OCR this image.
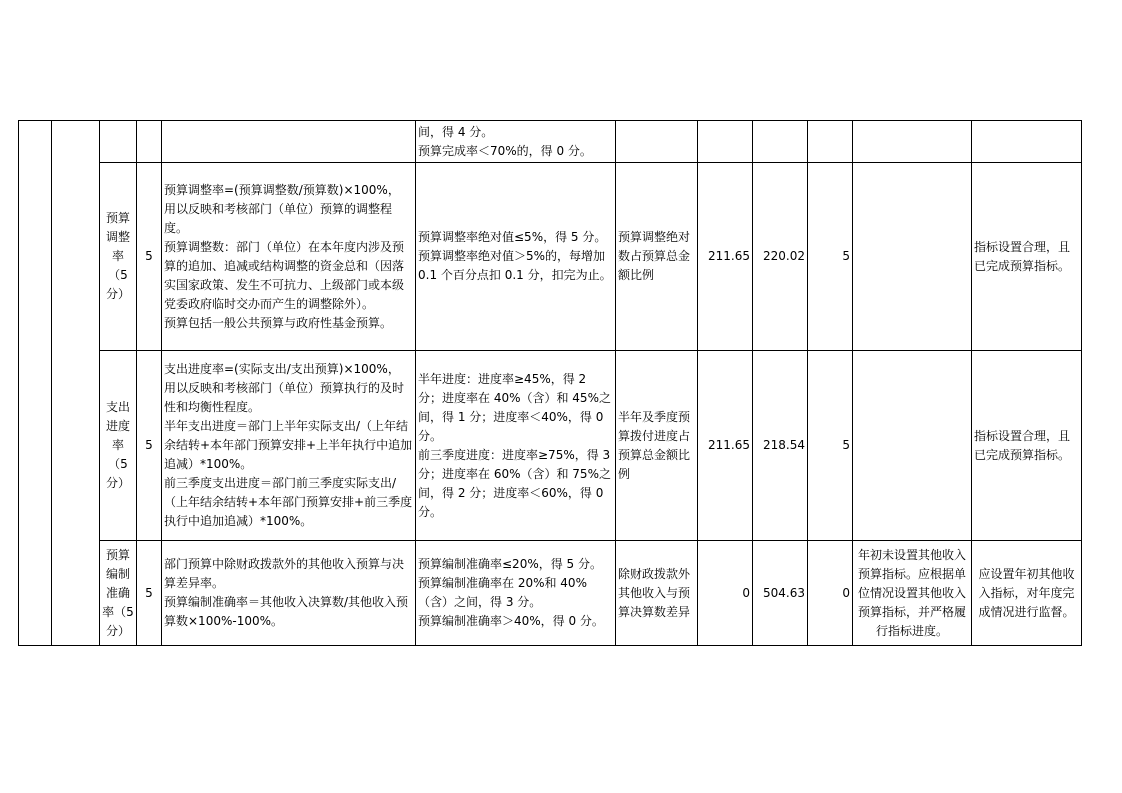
					间，得 4 分。
预算完成率＜70%的，得 0 分。						
		预算
调整
率
（5
分）	5	预算调整率=(预算调整数/预算数)×100%，
用以反映和考核部门（单位）预算的调整程度。
预算调整数：部门（单位）在本年度内涉及预算的追加、追减或结构调整的资金总和（因落实国家政策、发生不可抗力、上级部门或本级党委政府临时交办而产生的调整除外）。
预算包括一般公共预算与政府性基金预算。	预算调整率绝对值≤5%，得 5 分。
预算调整率绝对值＞5%的，每增加 0.1 个百分点扣 0.1 分，扣完为止。	预算调整绝对数占预算总金额比例	211.65	220.02	5		指标设置合理，且已完成预算指标。
		支出
进度
率
（5
分）	5	支出进度率=(实际支出/支出预算)×100%，
用以反映和考核部门（单位）预算执行的及时性和均衡性程度。
半年支出进度＝部门上半年实际支出/（上年结余结转+本年部门预算安排+上半年执行中追加追减）*100%。
前三季度支出进度＝部门前三季度实际支出/（上年结余结转+本年部门预算安排+前三季度执行中追加追减）*100%。	半年进度：进度率≥45%，得 2 分；进度率在 40%（含）和 45%之间，得 1 分；进度率＜40%，得 0 分。
前三季度进度：进度率≥75%，得 3 分；进度率在 60%（含）和 75%之间，得 2 分；进度率＜60%，得 0 分。	半年及季度预算拨付进度占预算总金额比例	211.65	218.54	5		指标设置合理，且已完成预算指标。
		预算
编制
准确
率（5
分）	5	部门预算中除财政拨款外的其他收入预算与决算差异率。
预算编制准确率＝其他收入决算数/其他收入预算数×100%-100%。	预算编制准确率≤20%，得 5 分。
预算编制准确率在 20%和 40%（含）之间，得 3 分。
预算编制准确率＞40%，得 0 分。	除财政拨款外其他收入与预算决算数差异	0	504.63	0	年初未设置其他收入预算指标。应根据单位情况设置其他收入预算指标，并严格履行指标进度。	应设置年初其他收入指标，对年度完成情况进行监督。
